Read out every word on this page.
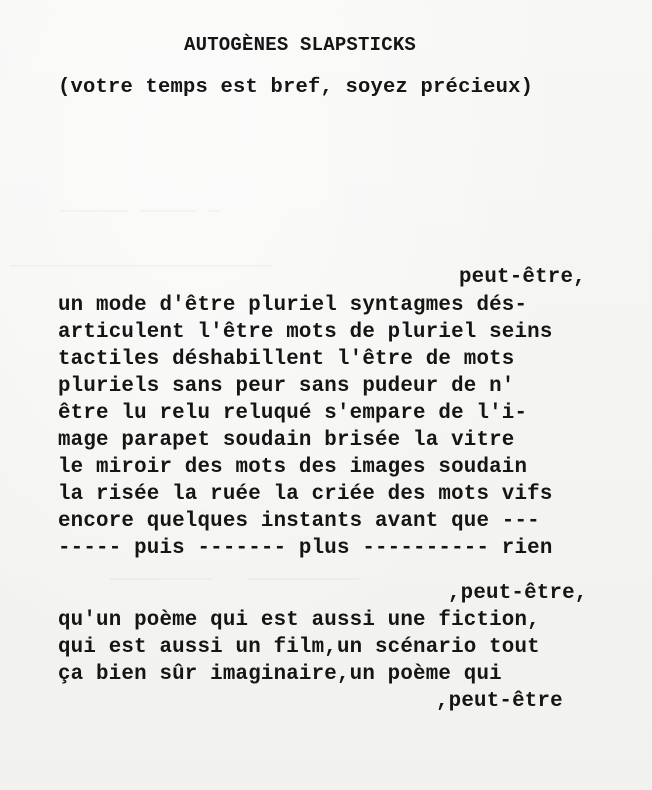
AUTOGÈNES SLAPSTICKS
(votre temps est bref, soyez précieux)
peut-être,
un mode d'être pluriel syntagmes dés-
articulent l'être mots de pluriel seins
tactiles déshabillent l'être de mots
pluriels sans peur sans pudeur de n'
être lu relu reluqué s'empare de l'i-
mage parapet soudain brisée la vitre
le miroir des mots des images soudain
la risée la ruée la criée des mots vifs
encore quelques instants avant que ---
----- puis ------- plus ---------- rien
,peut-être,
qu'un poème qui est aussi une fiction,
qui est aussi un film,un scénario tout
ça bien sûr imaginaire,un poème qui
,peut-être
